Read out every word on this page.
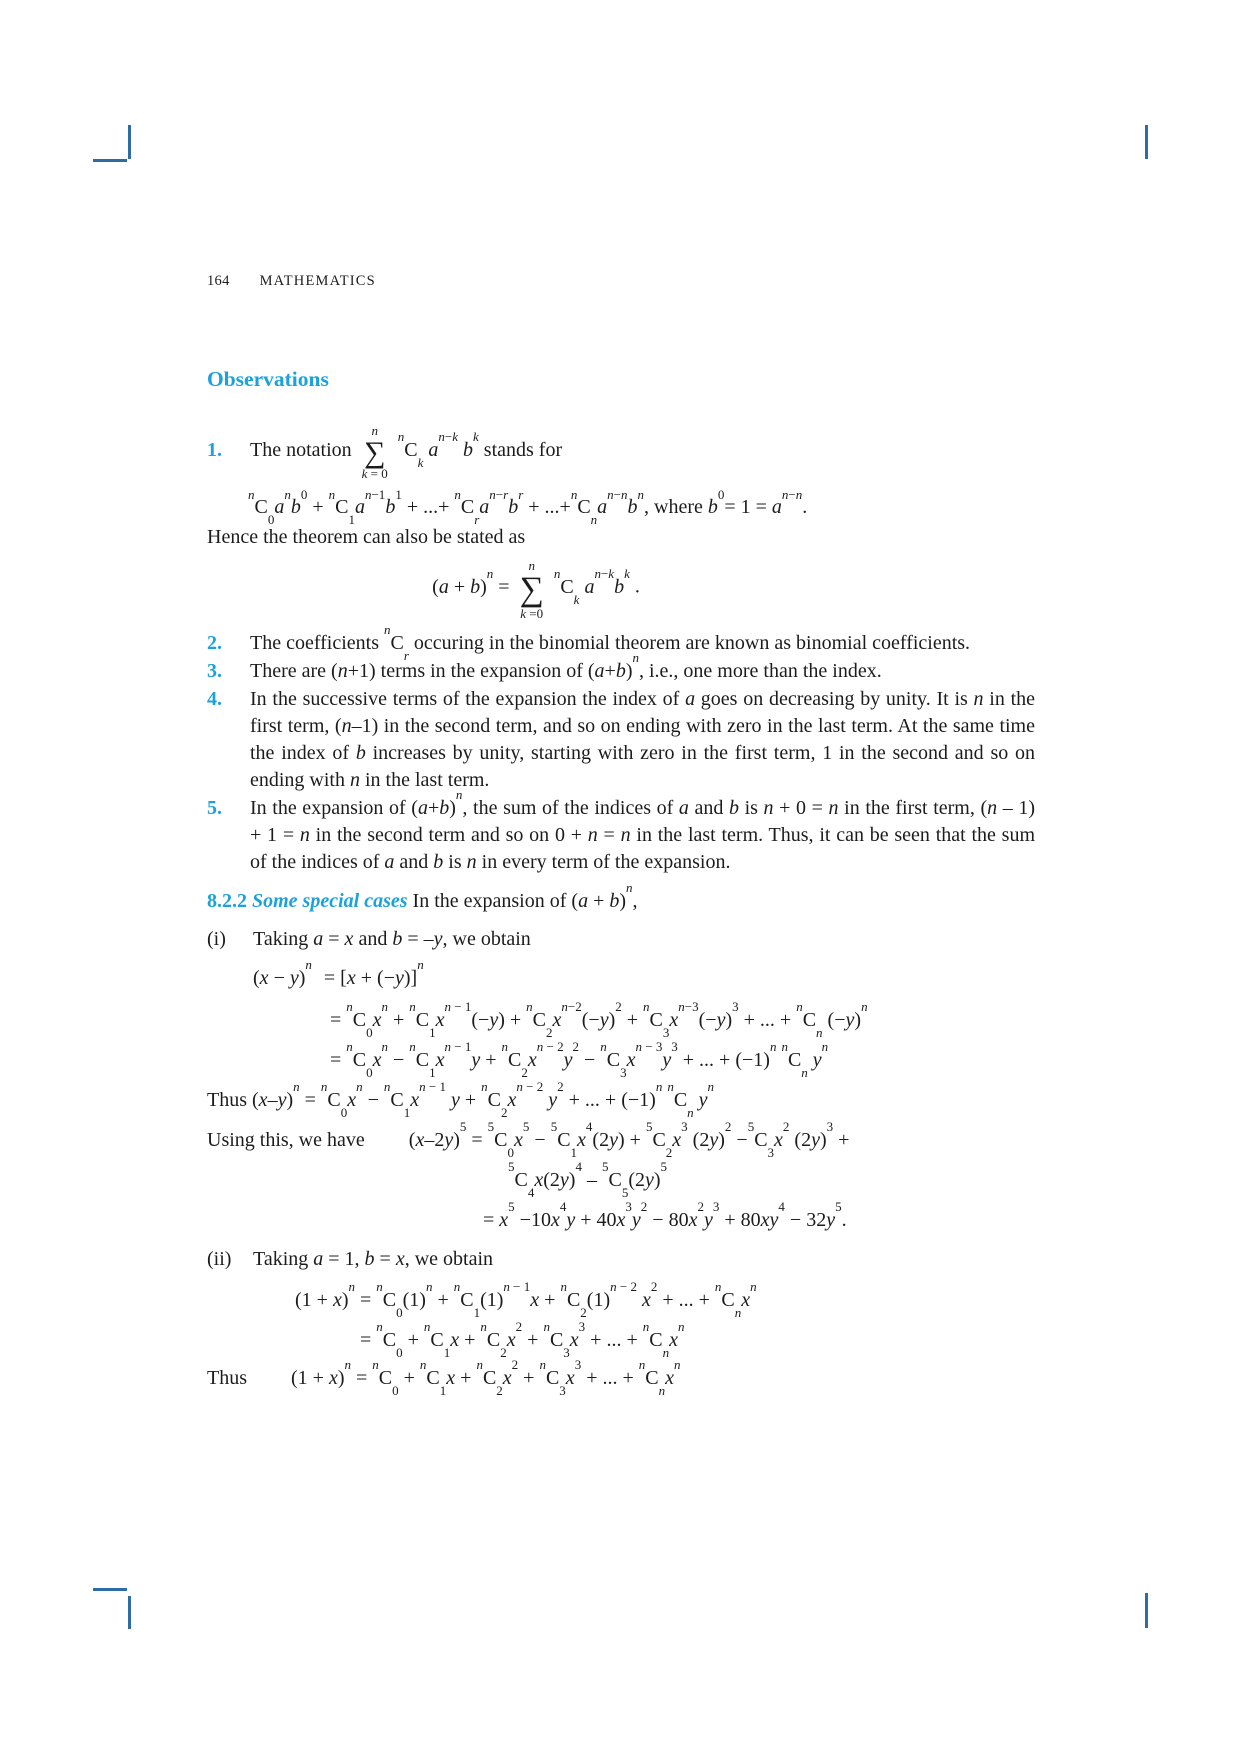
164 MATHEMATICS
Observations
1.	The notation
n
∑
k = 0
$^nC_k$ $a^{n-k}$ $b^k$ stands for
$^nC_0a^nb^0 + ^nC_1a^{n-1}b^1$ + ...+ $^nC_ra^{n-r}b^r + ...+^nC_na^{n-n}b^n$, where $b^0= 1 = a^{n-n}$.
Hence the theorem can also be stated as
$(a + b)^n$ =
n
∑
k =0
$^nC_k$ $a^{n-k}b^k$ .
2.	The coefficients $^nC_r$ occuring in the binomial theorem are known as binomial coefficients.
3.	There are (n+1) terms in the expansion of $(a+b)^n$, i.e., one more than the index.
4.	In the successive terms of the expansion the index of a goes on decreasing by unity. It is n in the first term, (n–1) in the second term, and so on ending with zero in the last term. At the same time the index of b increases by unity, starting with zero in the first term, 1 in the second and so on ending with n in the last term.
5.	In the expansion of $(a+b)^n$, the sum of the indices of a and b is n + 0 = n in the first term, (n – 1) + 1 = n in the second term and so on 0 + n = n in the last term. Thus, it can be seen that the sum of the indices of a and b is n in every term of the expansion.
8.2.2 Some special cases In the expansion of $(a + b)^n$,
(i)	Taking a = x and b = –y, we obtain
$(x - y)^n= [x + (-y)]^n$
= $^nC_0x^n + ^nC_1x^{n - 1}(-y) + ^nC_2x^{n-2}(-y)^2 + ^nC_3x^{n-3}(-y)^3$ + ... + $^nC_n$ $(-y)^n$
= $^nC_0x^n - ^nC_1x^{n - 1}y + ^nC_2x^{n - 2}y^2 - ^nC_3x^{n - 3}y^3$ + ... + $(-1)^n$ $^nC_n$ $y^n$
Thus $(x-y)^n = ^nC_0x^n - ^nC_1x^{n - 1}$ $y + ^nC_2x^{n - 2}$ $y^2$ + ... + $(-1)^n$ $^nC_n$ $y^n$
Using this, we have $(x-2y)^5 = ^5C_0x^5 - ^5C_1x^4(2y) + ^5C_2x^3$ $(2y)^2 -^5C_3x^2$ $(2y)^3$ +
$^5C_4x(2y)^4 - ^5C_5(2y)^5$
= $x^5 -10x^4y + 40x^3y^2 - 80x^2y^3 + 80xy^4 - 32y^5$.
(ii)	Taking a = 1, b = x, we obtain
$(1 + x)^n = ^nC_0(1)^n + ^nC_1(1)^{n - 1}x + ^nC_2(1)^{n - 2}$ $x^2$ + ... + $^nC_nx^n$
= $^nC_0 + ^nC_1x + ^nC_2x^2 + ^nC_3x^3$ + ... + $^nC_nx^n$
Thus $(1 + x)^n = ^nC_0 + ^nC_1x + ^nC_2x^2 + ^nC_3x^3$ + ... + $^nC_nx^n$
